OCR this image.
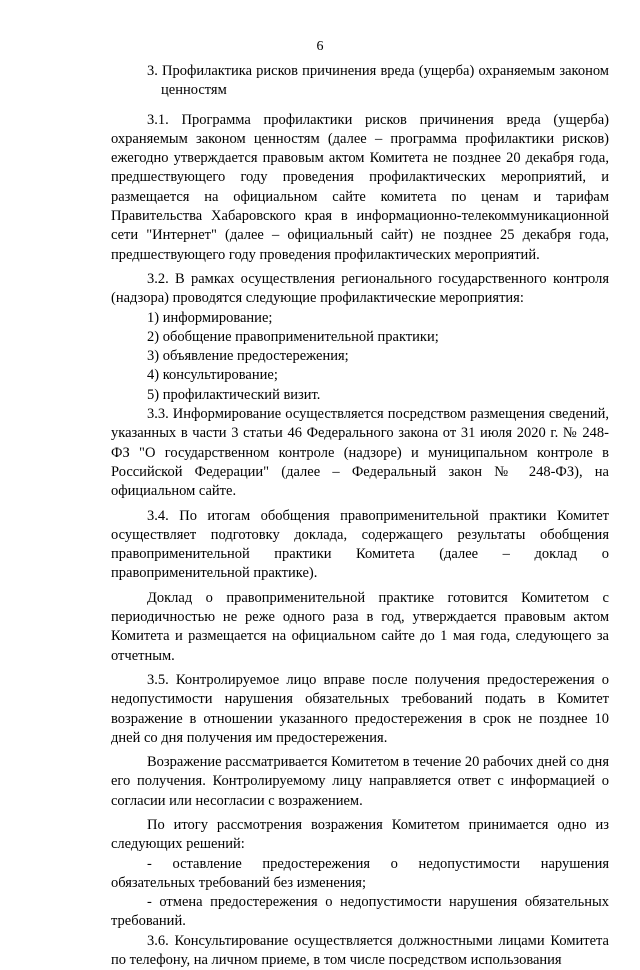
6

3. Профилактика рисков причинения вреда (ущерба) охраняемым законом ценностям

3.1. Программа профилактики рисков причинения вреда (ущерба) охраняемым законом ценностям (далее – программа профилактики рисков) ежегодно утверждается правовым актом Комитета не позднее 20 декабря года, предшествующего году проведения профилактических мероприятий, и размещается на официальном сайте комитета по ценам и тарифам Правительства Хабаровского края в информационно-телекоммуникационной сети "Интернет" (далее – официальный сайт) не позднее 25 декабря года, предшествующего году проведения профилактических мероприятий.

3.2. В рамках осуществления регионального государственного контроля (надзора) проводятся следующие профилактические мероприятия:

1) информирование;

2) обобщение правоприменительной практики;

3) объявление предостережения;

4) консультирование;

5) профилактический визит.

3.3. Информирование осуществляется посредством размещения сведений, указанных в части 3 статьи 46 Федерального закона от 31 июля 2020 г. № 248-ФЗ "О государственном контроле (надзоре) и муниципальном контроле в Российской Федерации" (далее – Федеральный закон № 248-ФЗ), на официальном сайте.

3.4. По итогам обобщения правоприменительной практики Комитет осуществляет подготовку доклада, содержащего результаты обобщения правоприменительной практики Комитета (далее – доклад о правоприменительной практике).

Доклад о правоприменительной практике готовится Комитетом с периодичностью не реже одного раза в год, утверждается правовым актом Комитета и размещается на официальном сайте до 1 мая года, следующего за отчетным.

3.5. Контролируемое лицо вправе после получения предостережения о недопустимости нарушения обязательных требований подать в Комитет возражение в отношении указанного предостережения в срок не позднее 10 дней со дня получения им предостережения.

Возражение рассматривается Комитетом в течение 20 рабочих дней со дня его получения. Контролируемому лицу направляется ответ с информацией о согласии или несогласии с возражением.

По итогу рассмотрения возражения Комитетом принимается одно из следующих решений:

- оставление предостережения о недопустимости нарушения обязательных требований без изменения;

- отмена предостережения о недопустимости нарушения обязательных требований.

3.6. Консультирование осуществляется должностными лицами Комитета по телефону, на личном приеме, в том числе посредством использования
